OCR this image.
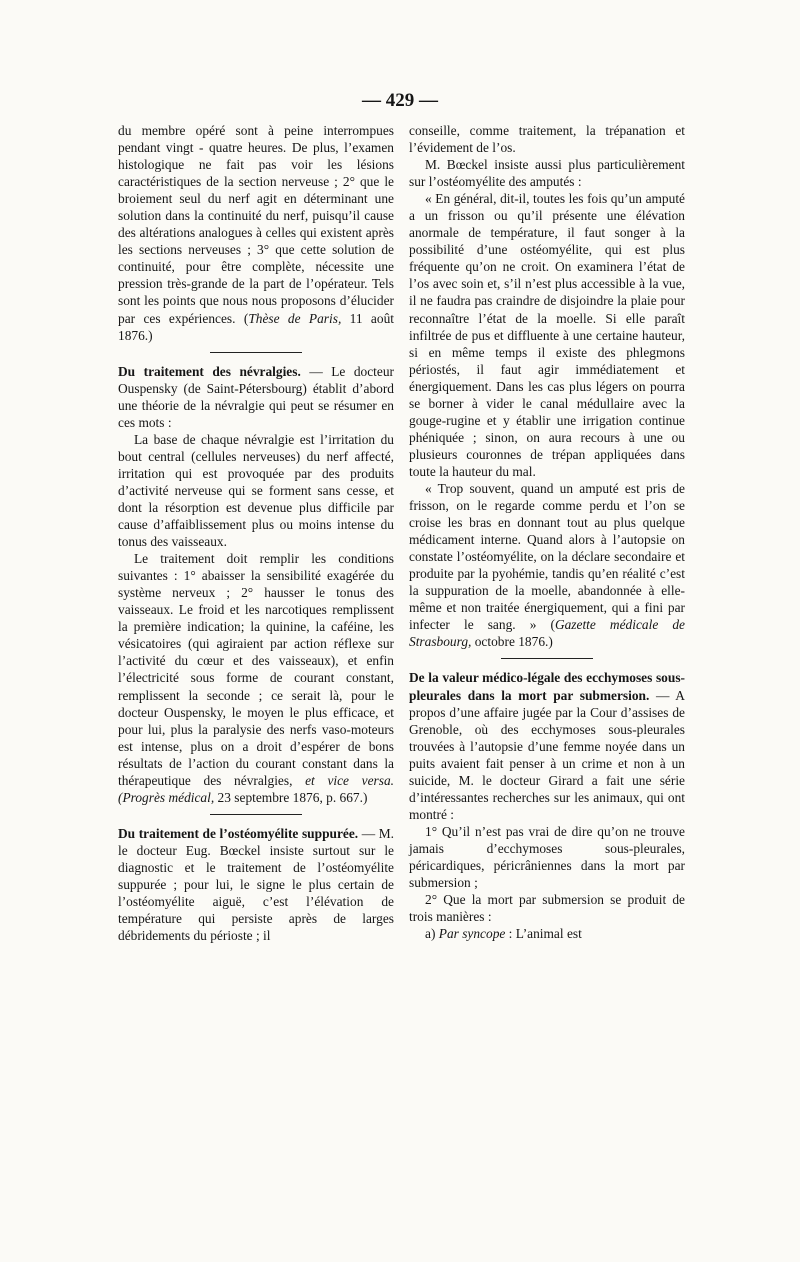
— 429 —

du membre opéré sont à peine interrompues pendant vingt - quatre heures. De plus, l’examen histologique ne fait pas voir les lésions caractéristiques de la section nerveuse ; 2° que le broiement seul du nerf agit en déterminant une solution dans la continuité du nerf, puisqu’il cause des altérations analogues à celles qui existent après les sections nerveuses ; 3° que cette solution de continuité, pour être complète, nécessite une pression très-grande de la part de l’opérateur. Tels sont les points que nous nous proposons d’élucider par ces expériences. (Thèse de Paris, 11 août 1876.)

Du traitement des névralgies. — Le docteur Ouspensky (de Saint-Pétersbourg) établit d’abord une théorie de la névralgie qui peut se résumer en ces mots :

La base de chaque névralgie est l’irritation du bout central (cellules nerveuses) du nerf affecté, irritation qui est provoquée par des produits d’activité nerveuse qui se forment sans cesse, et dont la résorption est devenue plus difficile par cause d’affaiblissement plus ou moins intense du tonus des vaisseaux.

Le traitement doit remplir les conditions suivantes : 1° abaisser la sensibilité exagérée du système nerveux ; 2° hausser le tonus des vaisseaux. Le froid et les narcotiques remplissent la première indication; la quinine, la caféine, les vésicatoires (qui agiraient par action réflexe sur l’activité du cœur et des vaisseaux), et enfin l’électricité sous forme de courant constant, remplissent la seconde ; ce serait là, pour le docteur Ouspensky, le moyen le plus efficace, et pour lui, plus la paralysie des nerfs vaso-moteurs est intense, plus on a droit d’espérer de bons résultats de l’action du courant constant dans la thérapeutique des névralgies, et vice versa. (Progrès médical, 23 septembre 1876, p. 667.)

Du traitement de l’ostéomyélite suppurée. — M. le docteur Eug. Bœckel insiste surtout sur le diagnostic et le traitement de l’ostéomyélite suppurée ; pour lui, le signe le plus certain de l’ostéomyélite aiguë, c’est l’élévation de température qui persiste après de larges débridements du périoste ; il

conseille, comme traitement, la trépanation et l’évidement de l’os.

M. Bœckel insiste aussi plus particulièrement sur l’ostéomyélite des amputés :

« En général, dit-il, toutes les fois qu’un amputé a un frisson ou qu’il présente une élévation anormale de température, il faut songer à la possibilité d’une ostéomyélite, qui est plus fréquente qu’on ne croit. On examinera l’état de l’os avec soin et, s’il n’est plus accessible à la vue, il ne faudra pas craindre de disjoindre la plaie pour reconnaître l’état de la moelle. Si elle paraît infiltrée de pus et diffluente à une certaine hauteur, si en même temps il existe des phlegmons périostés, il faut agir immédiatement et énergiquement. Dans les cas plus légers on pourra se borner à vider le canal médullaire avec la gouge-rugine et y établir une irrigation continue phéniquée ; sinon, on aura recours à une ou plusieurs couronnes de trépan appliquées dans toute la hauteur du mal.

« Trop souvent, quand un amputé est pris de frisson, on le regarde comme perdu et l’on se croise les bras en donnant tout au plus quelque médicament interne. Quand alors à l’autopsie on constate l’ostéomyélite, on la déclare secondaire et produite par la pyohémie, tandis qu’en réalité c’est la suppuration de la moelle, abandonnée à elle-même et non traitée énergiquement, qui a fini par infecter le sang. » (Gazette médicale de Strasbourg, octobre 1876.)

De la valeur médico-légale des ecchymoses sous-pleurales dans la mort par submersion. — A propos d’une affaire jugée par la Cour d’assises de Grenoble, où des ecchymoses sous-pleurales trouvées à l’autopsie d’une femme noyée dans un puits avaient fait penser à un crime et non à un suicide, M. le docteur Girard a fait une série d’intéressantes recherches sur les animaux, qui ont montré :

1° Qu’il n’est pas vrai de dire qu’on ne trouve jamais d’ecchymoses sous-pleurales, péricardiques, péricrâniennes dans la mort par submersion ;

2° Que la mort par submersion se produit de trois manières :

a) Par syncope : L’animal est
